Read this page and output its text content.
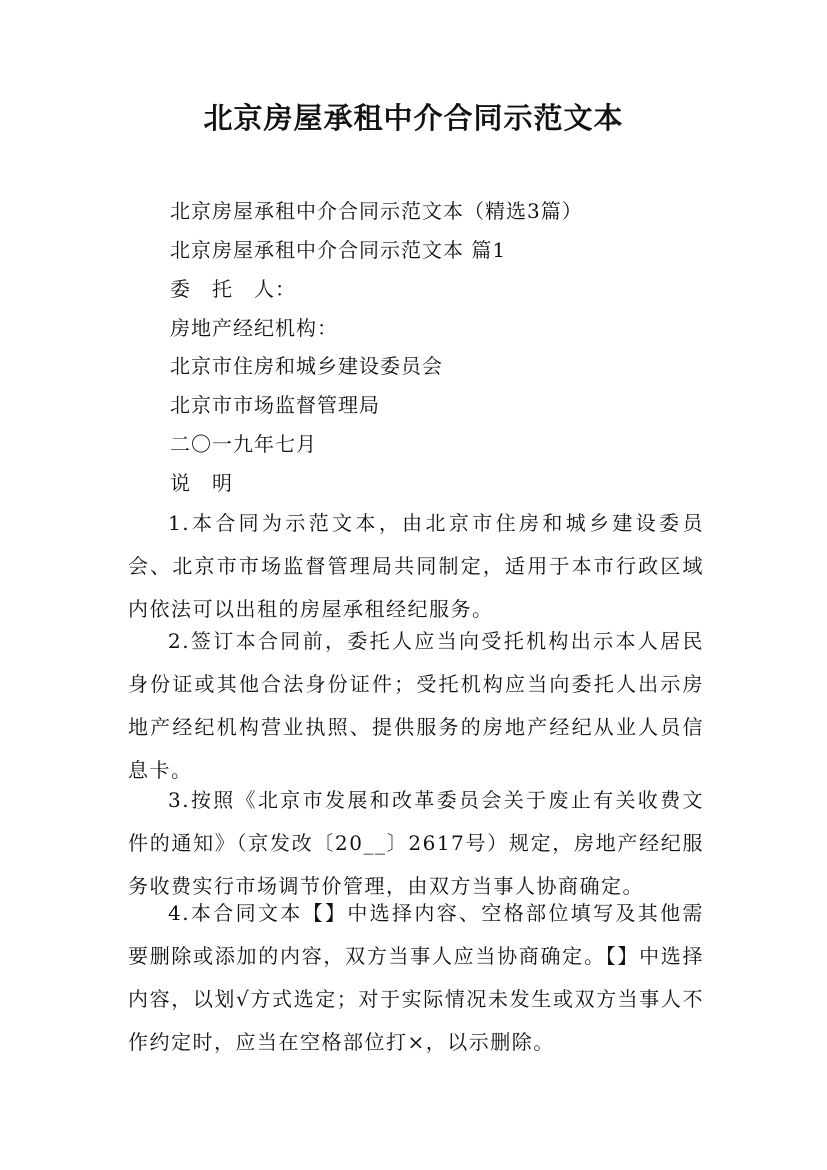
北京房屋承租中介合同示范文本

北京房屋承租中介合同示范文本（精选3篇）

北京房屋承租中介合同示范文本 篇1

委　托　人：

房地产经纪机构：

北京市住房和城乡建设委员会

北京市市场监督管理局

二〇一九年七月

说　明

1.本合同为示范文本，由北京市住房和城乡建设委员会、北京市市场监督管理局共同制定，适用于本市行政区域内依法可以出租的房屋承租经纪服务。

2.签订本合同前，委托人应当向受托机构出示本人居民身份证或其他合法身份证件；受托机构应当向委托人出示房地产经纪机构营业执照、提供服务的房地产经纪从业人员信息卡。

3.按照《北京市发展和改革委员会关于废止有关收费文件的通知》（京发改〔20__〕2617号）规定，房地产经纪服务收费实行市场调节价管理，由双方当事人协商确定。

4.本合同文本【】中选择内容、空格部位填写及其他需要删除或添加的内容，双方当事人应当协商确定。【】中选择内容，以划√方式选定；对于实际情况未发生或双方当事人不作约定时，应当在空格部位打×，以示删除。
